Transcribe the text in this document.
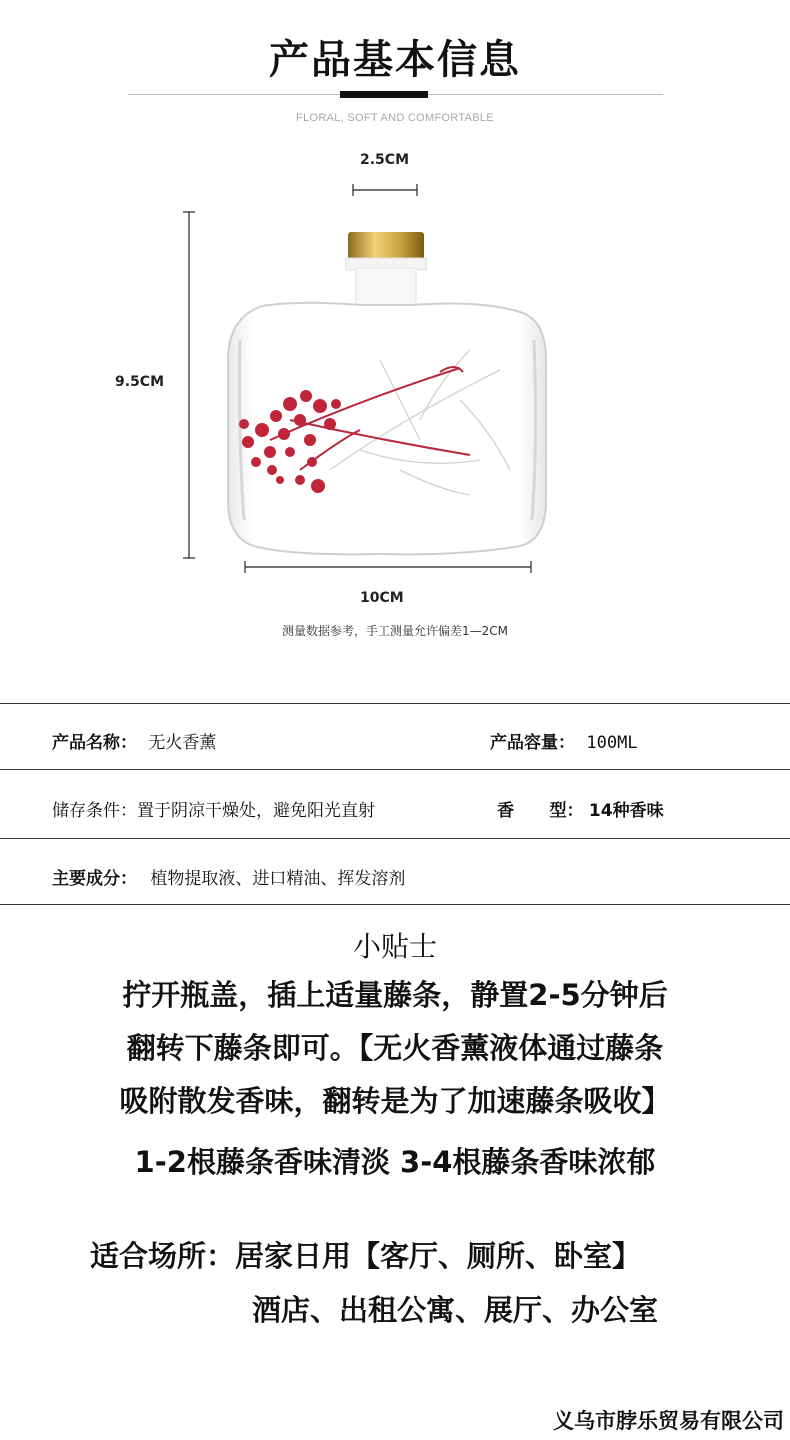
产品基本信息
FLORAL, SOFT AND COMFORTABLE
2.5CM
9.5CM
10CM
测量数据参考，手工测量允许偏差1—2CM
产品名称： 无火香薰	产品容量： 100ML
储存条件：置于阴凉干燥处，避免阳光直射	香      型： 14种香味
主要成分： 植物提取液、进口精油、挥发溶剂
小贴士
拧开瓶盖，插上适量藤条，静置2-5分钟后
翻转下藤条即可。【无火香薰液体通过藤条
吸附散发香味，翻转是为了加速藤条吸收】
1-2根藤条香味清淡 3-4根藤条香味浓郁
适合场所：居家日用【客厅、厕所、卧室】
酒店、出租公寓、展厅、办公室
义乌市脖乐贸易有限公司
